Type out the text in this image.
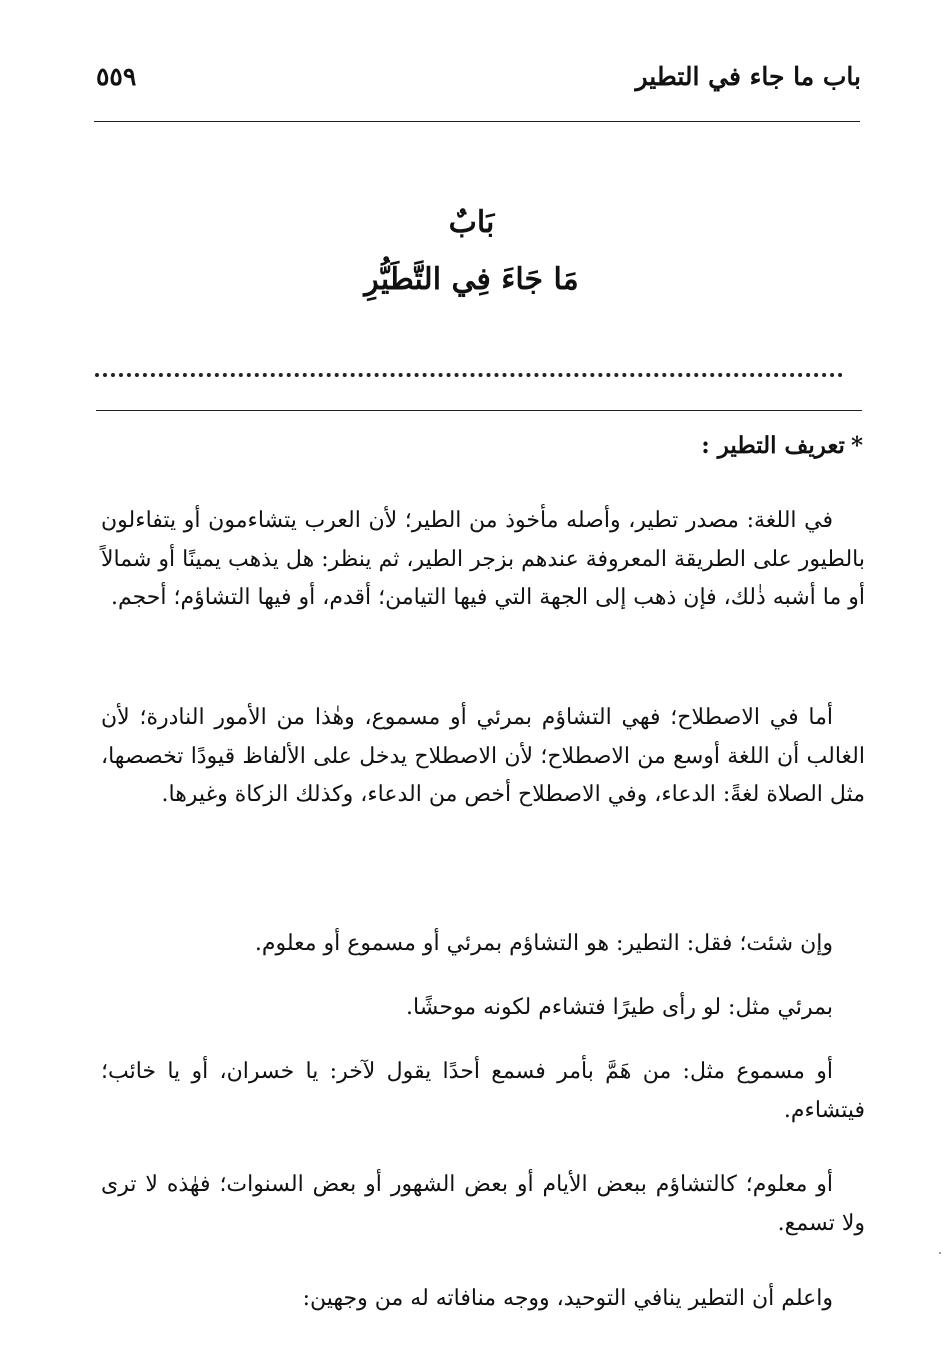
باب ما جاء في التطير
٥٥٩
بَابٌ
مَا جَاءَ فِي التَّطَيُّرِ
*تعريف التطير :
في اللغة: مصدر تطير، وأصله مأخوذ من الطير؛ لأن العرب يتشاءمون أو يتفاءلون بالطيور على الطريقة المعروفة عندهم بزجر الطير، ثم ينظر: هل يذهب يمينًا أو شمالاً أو ما أشبه ذٰلك، فإن ذهب إلى الجهة التي فيها التيامن؛ أقدم، أو فيها التشاؤم؛ أحجم.
أما في الاصطلاح؛ فهي التشاؤم بمرئي أو مسموع، وهٰذا من الأمور النادرة؛ لأن الغالب أن اللغة أوسع من الاصطلاح؛ لأن الاصطلاح يدخل على الألفاظ قيودًا تخصصها، مثل الصلاة لغةً: الدعاء، وفي الاصطلاح أخص من الدعاء، وكذلك الزكاة وغيرها.
وإن شئت؛ فقل: التطير: هو التشاؤم بمرئي أو مسموع أو معلوم.
بمرئي مثل: لو رأى طيرًا فتشاءم لكونه موحشًا.
أو مسموع مثل: من هَمَّ بأمر فسمع أحدًا يقول لآخر: يا خسران، أو يا خائب؛ فيتشاءم.
أو معلوم؛ كالتشاؤم ببعض الأيام أو بعض الشهور أو بعض السنوات؛ فهٰذه لا ترى ولا تسمع.
واعلم أن التطير ينافي التوحيد، ووجه منافاته له من وجهين:
